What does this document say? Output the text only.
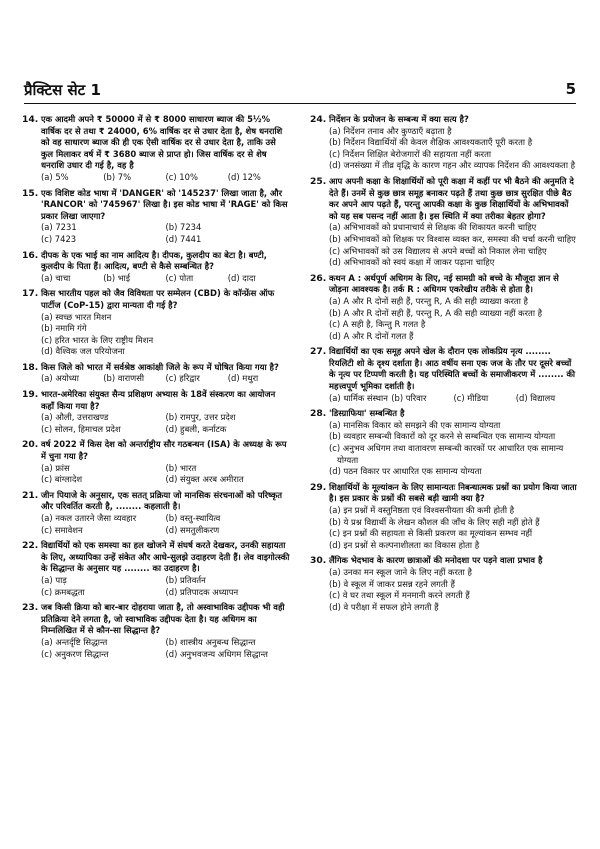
प्रैक्टिस सेट 1	5
14. एक आदमी अपने ₹ 50000 में से ₹ 8000 साधारण ब्याज की 5½% वार्षिक दर से तथा ₹ 24000, 6% वार्षिक दर से उधार देता है, शेष धनराशि को वह साधारण ब्याज की ही एक ऐसी वार्षिक दर से उधार देता है, ताकि उसे कुल मिलाकर वर्ष में ₹ 3680 ब्याज से प्राप्त हो। जिस वार्षिक दर से शेष धनराशि उधार दी गई है, वह है
(a) 5%	(b) 7%	(c) 10%	(d) 12%
15. एक विशिष्ट कोड भाषा में 'DANGER' को '145237' लिखा जाता है, और 'RANCOR' को '745967' लिखा है। इस कोड भाषा में 'RAGE' को किस प्रकार लिखा जाएगा?
(a) 7231	(b) 7234
(c) 7423	(d) 7441
16. दीपक के एक भाई का नाम आदित्य है। दीपक, कुलदीप का बेटा है। बण्टी, कुलदीप के पिता हैं। आदित्य, बण्टी से कैसे सम्बन्धित है?
(a) चाचा	(b) भाई	(c) पोता	(d) दादा
17. किस भारतीय पहल को जैव विविधता पर सम्मेलन (CBD) के कॉन्फ्रेंस ऑफ पार्टीज (CoP-15) द्वारा मान्यता दी गई है?
(a) स्वच्छ भारत मिशन
(b) नमामि गंगे
(c) हरित भारत के लिए राष्ट्रीय मिशन
(d) वैश्विक जल परियोजना
18. किस जिले को भारत में सर्वश्रेष्ठ आकांक्षी जिले के रूप में घोषित किया गया है?
(a) अयोध्या	(b) वाराणसी	(c) हरिद्वार	(d) मथुरा
19. भारत-अमेरिका संयुक्त सैन्य प्रशिक्षण अभ्यास के 18वें संस्करण का आयोजन कहाँ किया गया है?
(a) औली, उत्तराखण्ड	(b) रामपुर, उत्तर प्रदेश
(c) सोलन, हिमाचल प्रदेश	(d) हुबली, कर्नाटक
20. वर्ष 2022 में किस देश को अन्तर्राष्ट्रीय सौर गठबन्धन (ISA) के अध्यक्ष के रूप में चुना गया है?
(a) फ्रांस	(b) भारत
(c) बांग्लादेश	(d) संयुक्त अरब अमीरात
21. जीन पियाजे के अनुसार, एक सतत् प्रक्रिया जो मानसिक संरचनाओं को परिष्कृत और परिवर्तित करती है, ........ कहलाती है।
(a) नकल उतारने जैसा व्यवहार	(b) वस्तु-स्थायित्व
(c) समावेशन	(d) समतुलीकरण
22. विद्यार्थियों को एक समस्या का हल खोजने में संघर्ष करते देखकर, उनकी सहायता के लिए, अध्यापिका उन्हें संकेत और आधे-सुलझे उदाहरण देती हैं। लेव वाइगोत्स्की के सिद्धान्त के अनुसार यह ........ का उदाहरण है।
(a) पाड़	(b) प्रतिवर्तन
(c) क्रमबद्धता	(d) प्रतिपादक अध्यापन
23. जब किसी क्रिया को बार-बार दोहराया जाता है, तो अस्वाभाविक उद्दीपक भी वही प्रतिक्रिया देने लगता है, जो स्वाभाविक उद्दीपक देता है। यह अधिगम का निम्नलिखित में से कौन-सा सिद्धान्त है?
(a) अन्तर्दृष्टि सिद्धान्त	(b) शास्त्रीय अनुबन्ध सिद्धान्त
(c) अनुकरण सिद्धान्त	(d) अनुभवजन्य अधिगम सिद्धान्त
24. निर्देशन के प्रयोजन के सम्बन्ध में क्या सत्य है?
(a) निर्देशन तनाव और कुण्ठाएँ बढ़ाता है
(b) निर्देशन विद्यार्थियों की केवल शैक्षिक आवश्यकताएँ पूरी करता है
(c) निर्देशन शिक्षित बेरोजगारों की सहायता नहीं करता
(d) जनसंख्या में तीव्र वृद्धि के कारण गहन और व्यापक निर्देशन की आवश्यकता है
25. आप अपनी कक्षा के शिक्षार्थियों को पूरी कक्षा में कहीं पर भी बैठने की अनुमति दे देते हैं। उनमें से कुछ छात्र समूह बनाकर पढ़ते हैं तथा कुछ छात्र सुरक्षित पीछे बैठ कर अपने आप पढ़ते हैं, परन्तु आपकी कक्षा के कुछ शिक्षार्थियों के अभिभावकों को यह सब पसन्द नहीं आता है। इस स्थिति में क्या तरीका बेहतर होगा?
(a) अभिभावकों को प्रधानाचार्य से शिक्षक की शिकायत करनी चाहिए
(b) अभिभावकों को शिक्षक पर विश्वास व्यक्त कर, समस्या की चर्चा करनी चाहिए
(c) अभिभावकों को उस विद्यालय से अपने बच्चों को निकाल लेना चाहिए
(d) अभिभावकों को स्वयं कक्षा में जाकर पढ़ाना चाहिए
26. कथन A : अर्थपूर्ण अधिगम के लिए, नई सामग्री को बच्चे के मौजूदा ज्ञान से जोड़ना आवश्यक है। तर्क R : अधिगम एकरेखीय तरीके से होता है।
(a) A और R दोनों सही हैं, परन्तु R, A की सही व्याख्या करता है
(b) A और R दोनों सही हैं, परन्तु R, A की सही व्याख्या नहीं करता है
(c) A सही है, किन्तु R गलत है
(d) A और R दोनों गलत हैं
27. विद्यार्थियों का एक समूह अपने खेल के दौरान एक लोकप्रिय नृत्य ........ रियलिटी शो के दृश्य दर्शाता है। आठ वर्षीय सना एक जज के तौर पर दूसरे बच्चों के नृत्य पर टिप्पणी करती है। यह परिस्थिति बच्चों के समाजीकरण में ........ की महत्त्वपूर्ण भूमिका दर्शाती है।
(a) धार्मिक संस्थान (b) परिवार	(c) मीडिया	(d) विद्यालय
28. 'डिस्ग्राफिया' सम्बन्धित है
(a) मानसिक विकार को समझने की एक सामान्य योग्यता
(b) व्यवहार सम्बन्धी विकारों को दूर करने से सम्बन्धित एक सामान्य योग्यता
(c) अनुभव अधिगम तथा वातावरण सम्बन्धी कारकों पर आधारित एक सामान्य योग्यता
(d) पठन विकार पर आधारित एक सामान्य योग्यता
29. शिक्षार्थियों के मूल्यांकन के लिए सामान्यतः निबन्धात्मक प्रश्नों का प्रयोग किया जाता है। इस प्रकार के प्रश्नों की सबसे बड़ी खामी क्या है?
(a) इन प्रश्नों में वस्तुनिष्ठता एवं विश्वसनीयता की कमी होती है
(b) ये प्रश्न विद्यार्थी के लेखन कौशल की जाँच के लिए सही नहीं होते हैं
(c) इन प्रश्नों की सहायता से किसी प्रकरण का मूल्यांकन सम्भव नहीं
(d) इन प्रश्नों से कल्पनाशीलता का विकास होता है
30. लैंगिक भेदभाव के कारण छात्राओं की मनोदशा पर पड़ने वाला प्रभाव है
(a) उनका मन स्कूल जाने के लिए नहीं करता है
(b) वे स्कूल में जाकर प्रसन्न रहने लगती हैं
(c) वे घर तथा स्कूल में मनमानी करने लगती हैं
(d) वे परीक्षा में सफल होने लगती हैं
